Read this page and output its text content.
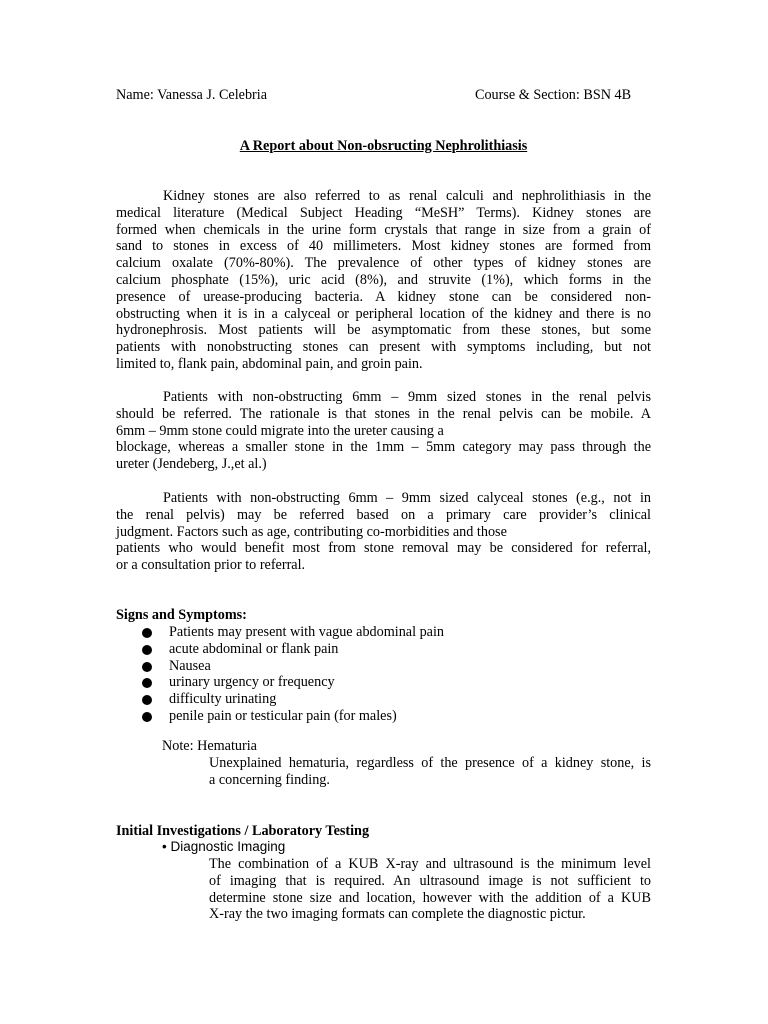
Name: Vanessa J. Celebria	Course & Section: BSN 4B
A Report about Non-obsructing Nephrolithiasis

Kidney stones are also referred to as renal calculi and nephrolithiasis in the
medical literature (Medical Subject Heading “MeSH” Terms). Kidney stones are
formed when chemicals in the urine form crystals that range in size from a grain of
sand to stones in excess of 40 millimeters. Most kidney stones are formed from
calcium oxalate (70%-80%). The prevalence of other types of kidney stones are
calcium phosphate (15%), uric acid (8%), and struvite (1%), which forms in the
presence of urease-producing bacteria. A kidney stone can be considered non-
obstructing when it is in a calyceal or peripheral location of the kidney and there is no
hydronephrosis. Most patients will be asymptomatic from these stones, but some
patients with nonobstructing stones can present with symptoms including, but not
limited to, flank pain, abdominal pain, and groin pain.

Patients with non-obstructing 6mm – 9mm sized stones in the renal pelvis
should be referred. The rationale is that stones in the renal pelvis can be mobile. A
6mm – 9mm stone could migrate into the ureter causing a
blockage, whereas a smaller stone in the 1mm – 5mm category may pass through the
ureter (Jendeberg, J.,et al.)

Patients with non-obstructing 6mm – 9mm sized calyceal stones (e.g., not in
the renal pelvis) may be referred based on a primary care provider’s clinical
judgment. Factors such as age, contributing co-morbidities and those
patients who would benefit most from stone removal may be considered for referral,
or a consultation prior to referral.

Signs and Symptoms:
Patients may present with vague abdominal pain
acute abdominal or flank pain
Nausea
urinary urgency or frequency
difficulty urinating
penile pain or testicular pain (for males)
Note: Hematuria

Unexplained hematuria, regardless of the presence of a kidney stone, is
a concerning finding.

Initial Investigations / Laboratory Testing
• Diagnostic Imaging

The combination of a KUB X-ray and ultrasound is the minimum level
of imaging that is required. An ultrasound image is not sufficient to
determine stone size and location, however with the addition of a KUB
X-ray the two imaging formats can complete the diagnostic pictur.
